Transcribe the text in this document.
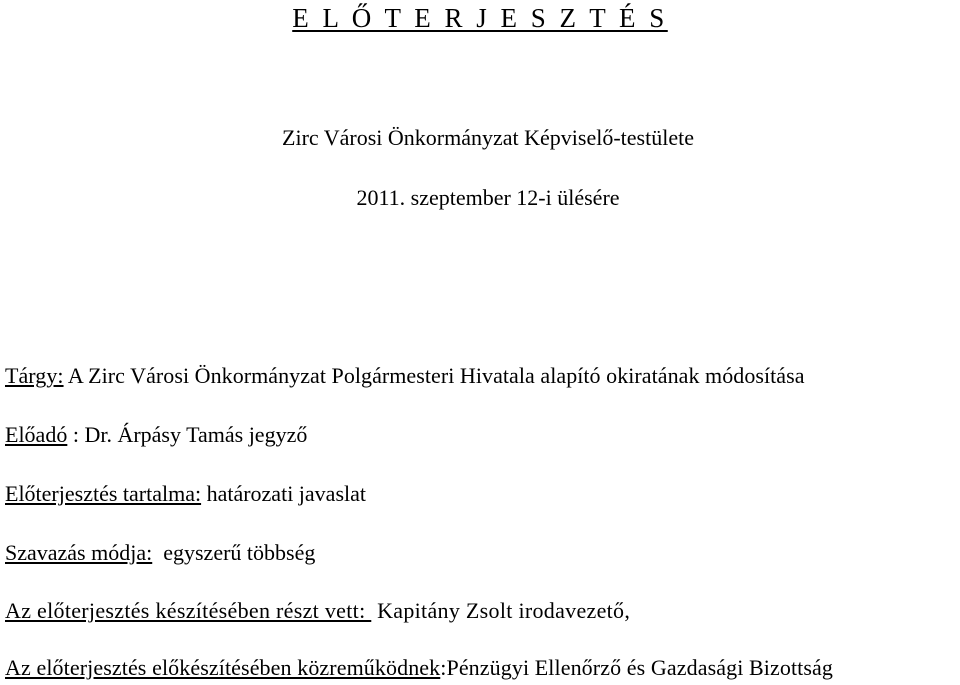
E L Ő T E R J E S Z T É S
Zirc Városi Önkormányzat Képviselő-testülete
2011. szeptember 12-i ülésére
Tárgy: A Zirc Városi Önkormányzat Polgármesteri Hivatala alapító okiratának módosítása
Előadó : Dr. Árpásy Tamás jegyző
Előterjesztés tartalma: határozati javaslat
Szavazás módja:  egyszerű többség
Az előterjesztés készítésében részt vett:  Kapitány Zsolt irodavezető,
Az előterjesztés előkészítésében közreműködnek:Pénzügyi Ellenőrző és Gazdasági Bizottság
